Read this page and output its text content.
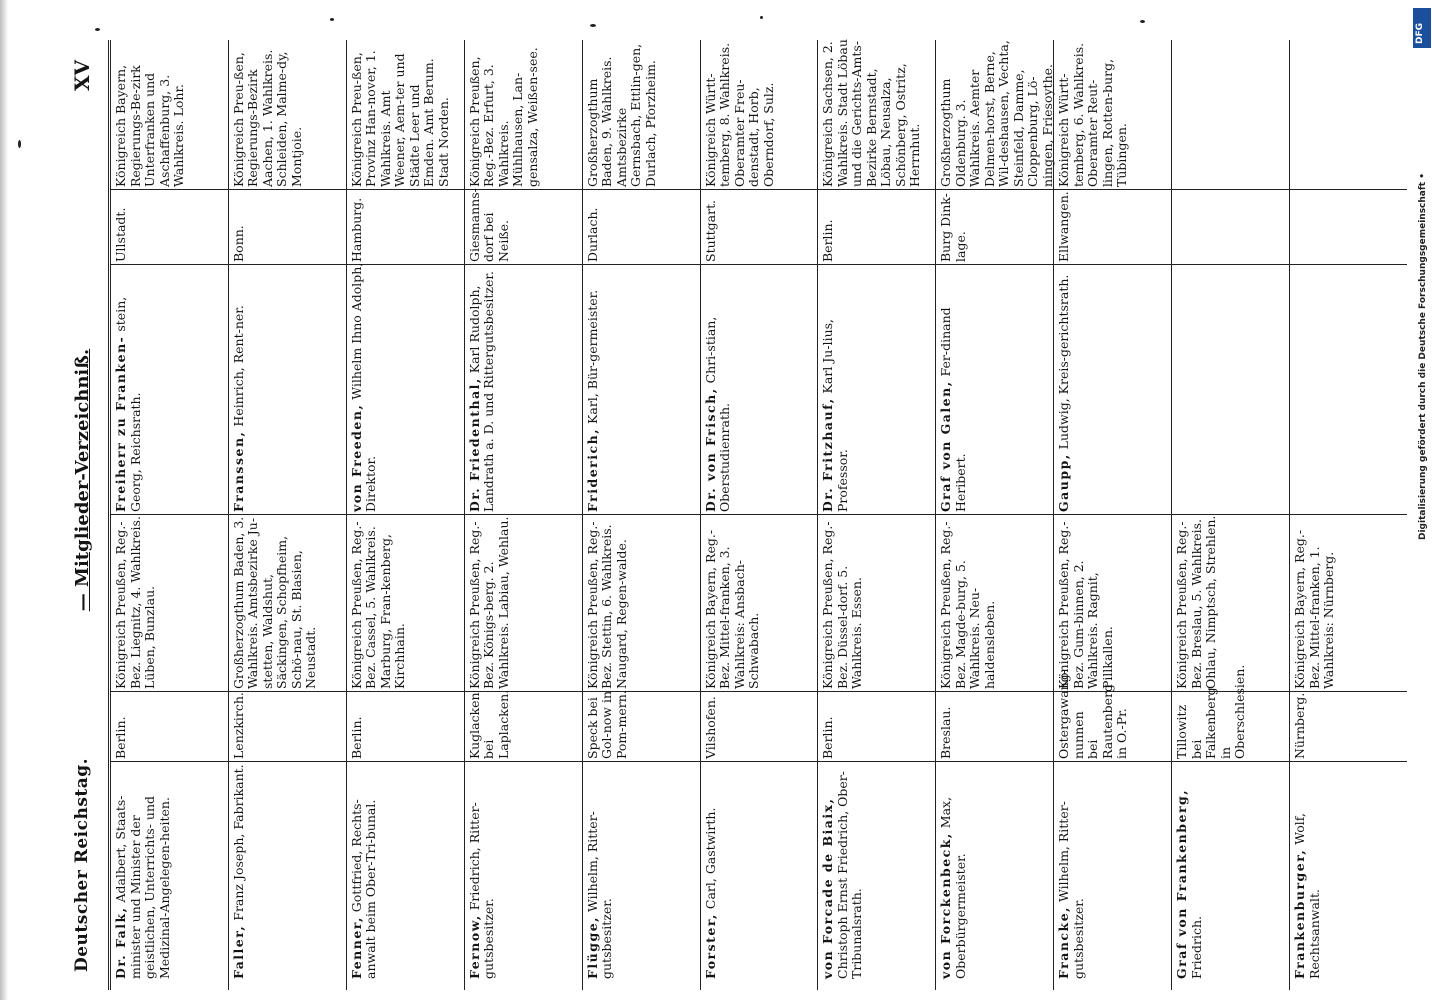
Deutscher Reichstag.
— Mitglieder-Verzeichniß.
XV
Dr. Falk, Adalbert, Staats-minister und Minister der geistlichen, Unterrichts- und Medizinal-Angelegen-heiten.
Berlin.
Königreich Preußen, Reg.-Bez. Liegnitz, 4. Wahlkreis. Lüben, Bunzlau.
Freiherr zu Franken- stein, Georg, Reichsrath.
Ullstadt.
Königreich Bayern, Regierungs-Be-zirk Unterfranken und Aschaffenburg, 3. Wahlkreis. Lohr.
Faller, Franz Joseph, Fabrikant.
Lenzkirch.
Großherzogthum Baden, 3. Wahlkreis. Amtsbezirke Ju-stetten, Waldshut, Säckingen, Schopfheim, Schö-nau, St. Blasien, Neustadt.
Franssen, Heinrich, Rent-ner.
Bonn.
Königreich Preu-ßen, Regierungs-Bezirk Aachen, 1. Wahlkreis. Schleiden, Malme-dy, Montjoie.
Fenner, Gottfried, Rechts-anwalt beim Ober-Tri-bunal.
Berlin.
Königreich Preußen, Reg.-Bez. Cassel, 5. Wahlkreis. Marburg, Fran-kenberg, Kirchhain.
von Freeden, Wilhelm Ihno Adolph, Direktor.
Hamburg.
Königreich Preu-ßen, Provinz Han-nover, 1. Wahlkreis. Amt Weener, Aem-ter und Städte Leer und Emden. Amt Berum. Stadt Norden.
Fernow, Friedrich, Ritter-gutsbesitzer.
Kuglacken bei Laplacken.
Königreich Preußen, Reg.-Bez. Königs-berg. 2. Wahlkreis. Labiau, Wehlau.
Dr. Friedenthal, Karl Rudolph, Landrath a. D. und Rittergutsbesitzer.
Giesmanns-dorf bei Neiße.
Königreich Preußen, Reg.-Bez. Erfurt, 3. Wahlkreis. Mühlhausen, Lan-gensalza, Weißen-see.
Flügge, Wilhelm, Ritter-gutsbesitzer.
Speck bei Gol-now in Pom-mern.
Königreich Preußen, Reg.-Bez. Stettin, 6. Wahlkreis. Naugard, Regen-walde.
Friderich, Karl, Bür-germeister.
Durlach.
Großherzogthum Baden, 9. Wahlkreis. Amtsbezirke Gernsbach, Ettlin-gen, Durlach, Pforzheim.
Forster, Carl, Gastwirth.
Vilshofen.
Königreich Bayern, Reg.-Bez. Mittel-franken, 3. Wahlkreis: Ansbach-Schwabach.
Dr. von Frisch, Chri-stian, Oberstudienrath.
Stuttgart.
Königreich Württ-temberg, 8. Wahlkreis. Oberamter Freu-denstadt, Horb, Oberndorf, Sulz.
von Forcade de Biaix, Christoph Ernst Friedrich, Ober-Tribunalsrath.
Berlin.
Königreich Preußen, Reg.-Bez. Düssel-dorf. 5. Wahlkreis. Essen.
Dr. Fritzhauf, Karl Ju-lius, Professor.
Berlin.
Königreich Sachsen, 2. Wahlkreis. Stadt Löbau und die Gerichts-Amts-Bezirke Bernstadt, Löbau, Neusalza, Schönberg, Ostritz, Herrnhut.
von Forckenbeck, Max, Oberbürgermeister.
Breslau.
Königreich Preußen, Reg.-Bez. Magde-burg, 5. Wahlkreis. Neu-haldensleben.
Graf von Galen, Fer-dinand Heribert.
Burg Dink-lage.
Großherzogthum Oldenburg. 3. Wahlkreis. Aemter Delmen-horst, Berne, Wil-deshausen, Vechta, Steinfeld, Damme, Cloppenburg, Lö-ningen, Friesoythe.
Francke, Wilhelm, Ritter-gutsbesitzer.
Ostergawang-nunnen bei Rautenberg in O.-Pr.
Königreich Preußen, Reg.-Bez. Gum-binnen, 2. Wahlkreis. Ragnit, Pillkallen.
Gaupp, Ludwig, Kreis-gerichtsrath.
Ellwangen.
Königreich Württ-temberg, 6. Wahlkreis. Oberamter Reut-lingen, Rotten-burg, Tübingen.
Graf von Frankenberg, Friedrich.
Tillowitz bei Falkenberg in Oberschlesien.
Königreich Preußen, Reg.-Bez. Breslau, 5. Wahlkreis. Ohlau, Nimptsch, Strehlen.
Frankenburger, Wolf, Rechtsanwalt.
Nürnberg.
Königreich Bayern, Reg.-Bez. Mittel-franken, 1. Wahlkreis: Nürnberg.
DFG
Digitalisierung gefördert durch die Deutsche Forschungsgemeinschaft •
